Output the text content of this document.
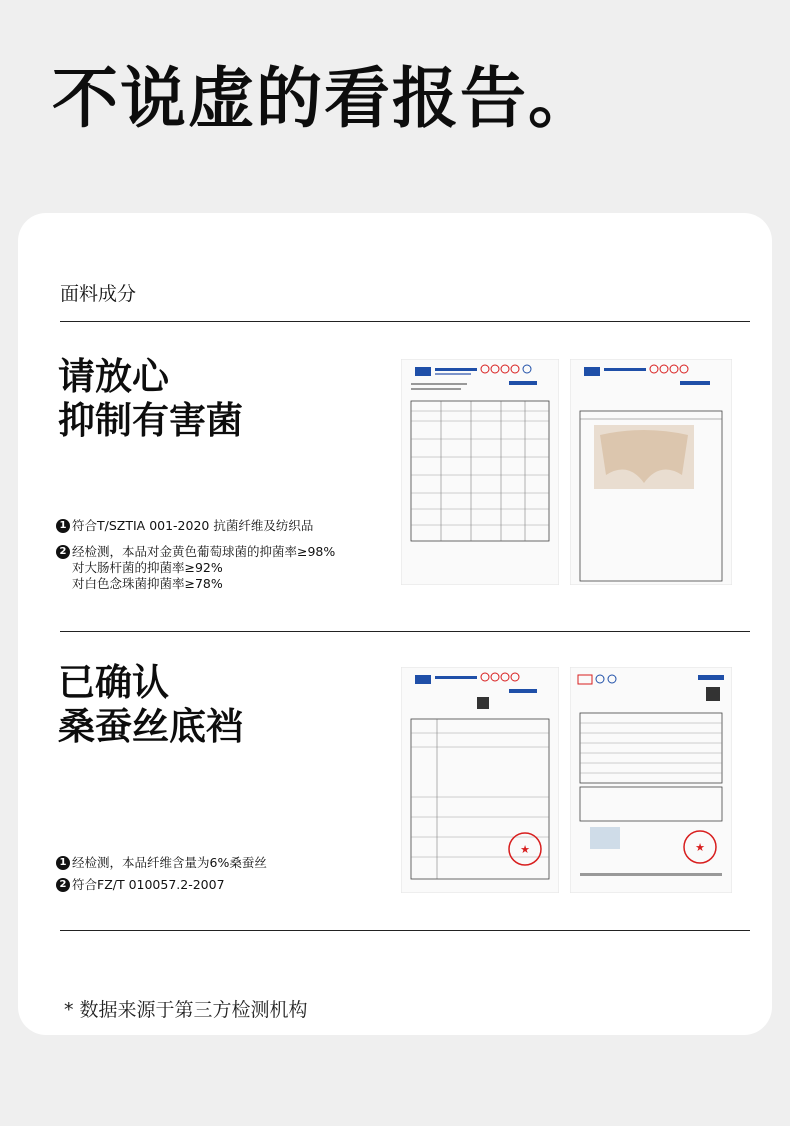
不说虚的看报告。
面料成分
请放心
抑制有害菌
1 符合T/SZTIA 001-2020 抗菌纤维及纺织品
2 经检测，本品对金黄色葡萄球菌的抑菌率≥98%
对大肠杆菌的抑菌率≥92%
对白色念珠菌抑菌率≥78%
已确认
桑蚕丝底裆
1 经检测，本品纤维含量为6%桑蚕丝
2 符合FZ/T 010057.2-2007
★	★
* 数据来源于第三方检测机构
